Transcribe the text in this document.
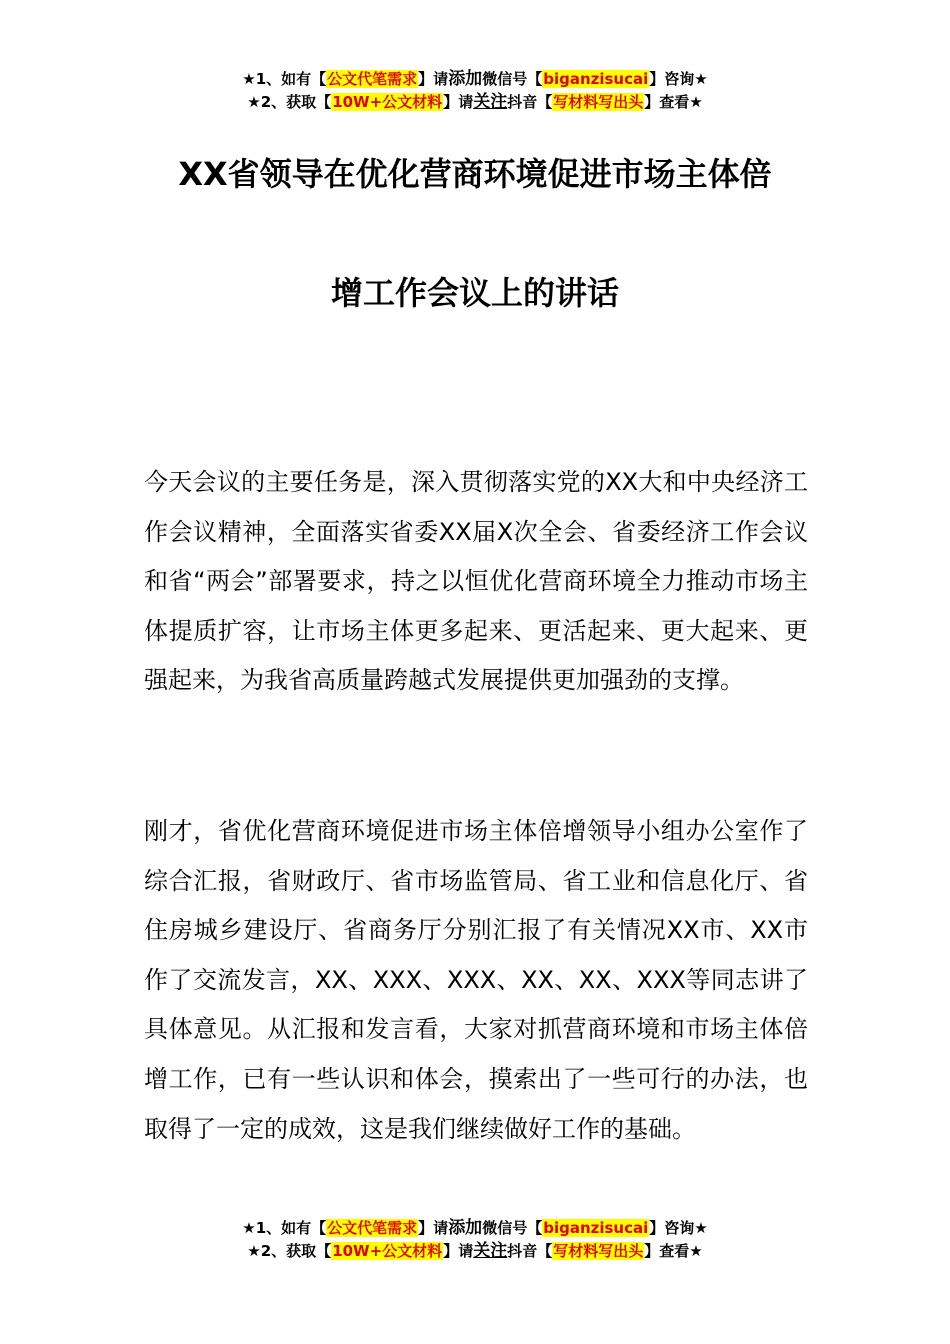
★1、如有【公文代笔需求】请添加微信号【biganzisucai】咨询★
★2、获取【10W+公文材料】请关注抖音【写材料写出头】查看★
XX省领导在优化营商环境促进市场主体倍
增工作会议上的讲话
今天会议的主要任务是，深入贯彻落实党的XX大和中央经济工作会议精神，全面落实省委XX届X次全会、省委经济工作会议和省“两会”部署要求，持之以恒优化营商环境全力推动市场主体提质扩容，让市场主体更多起来、更活起来、更大起来、更强起来，为我省高质量跨越式发展提供更加强劲的支撑。
刚才，省优化营商环境促进市场主体倍增领导小组办公室作了综合汇报，省财政厅、省市场监管局、省工业和信息化厅、省住房城乡建设厅、省商务厅分别汇报了有关情况XX市、XX市作了交流发言，XX、XXX、XXX、XX、XX、XXX等同志讲了具体意见。从汇报和发言看，大家对抓营商环境和市场主体倍增工作，已有一些认识和体会，摸索出了一些可行的办法，也取得了一定的成效，这是我们继续做好工作的基础。
★1、如有【公文代笔需求】请添加微信号【biganzisucai】咨询★
★2、获取【10W+公文材料】请关注抖音【写材料写出头】查看★
